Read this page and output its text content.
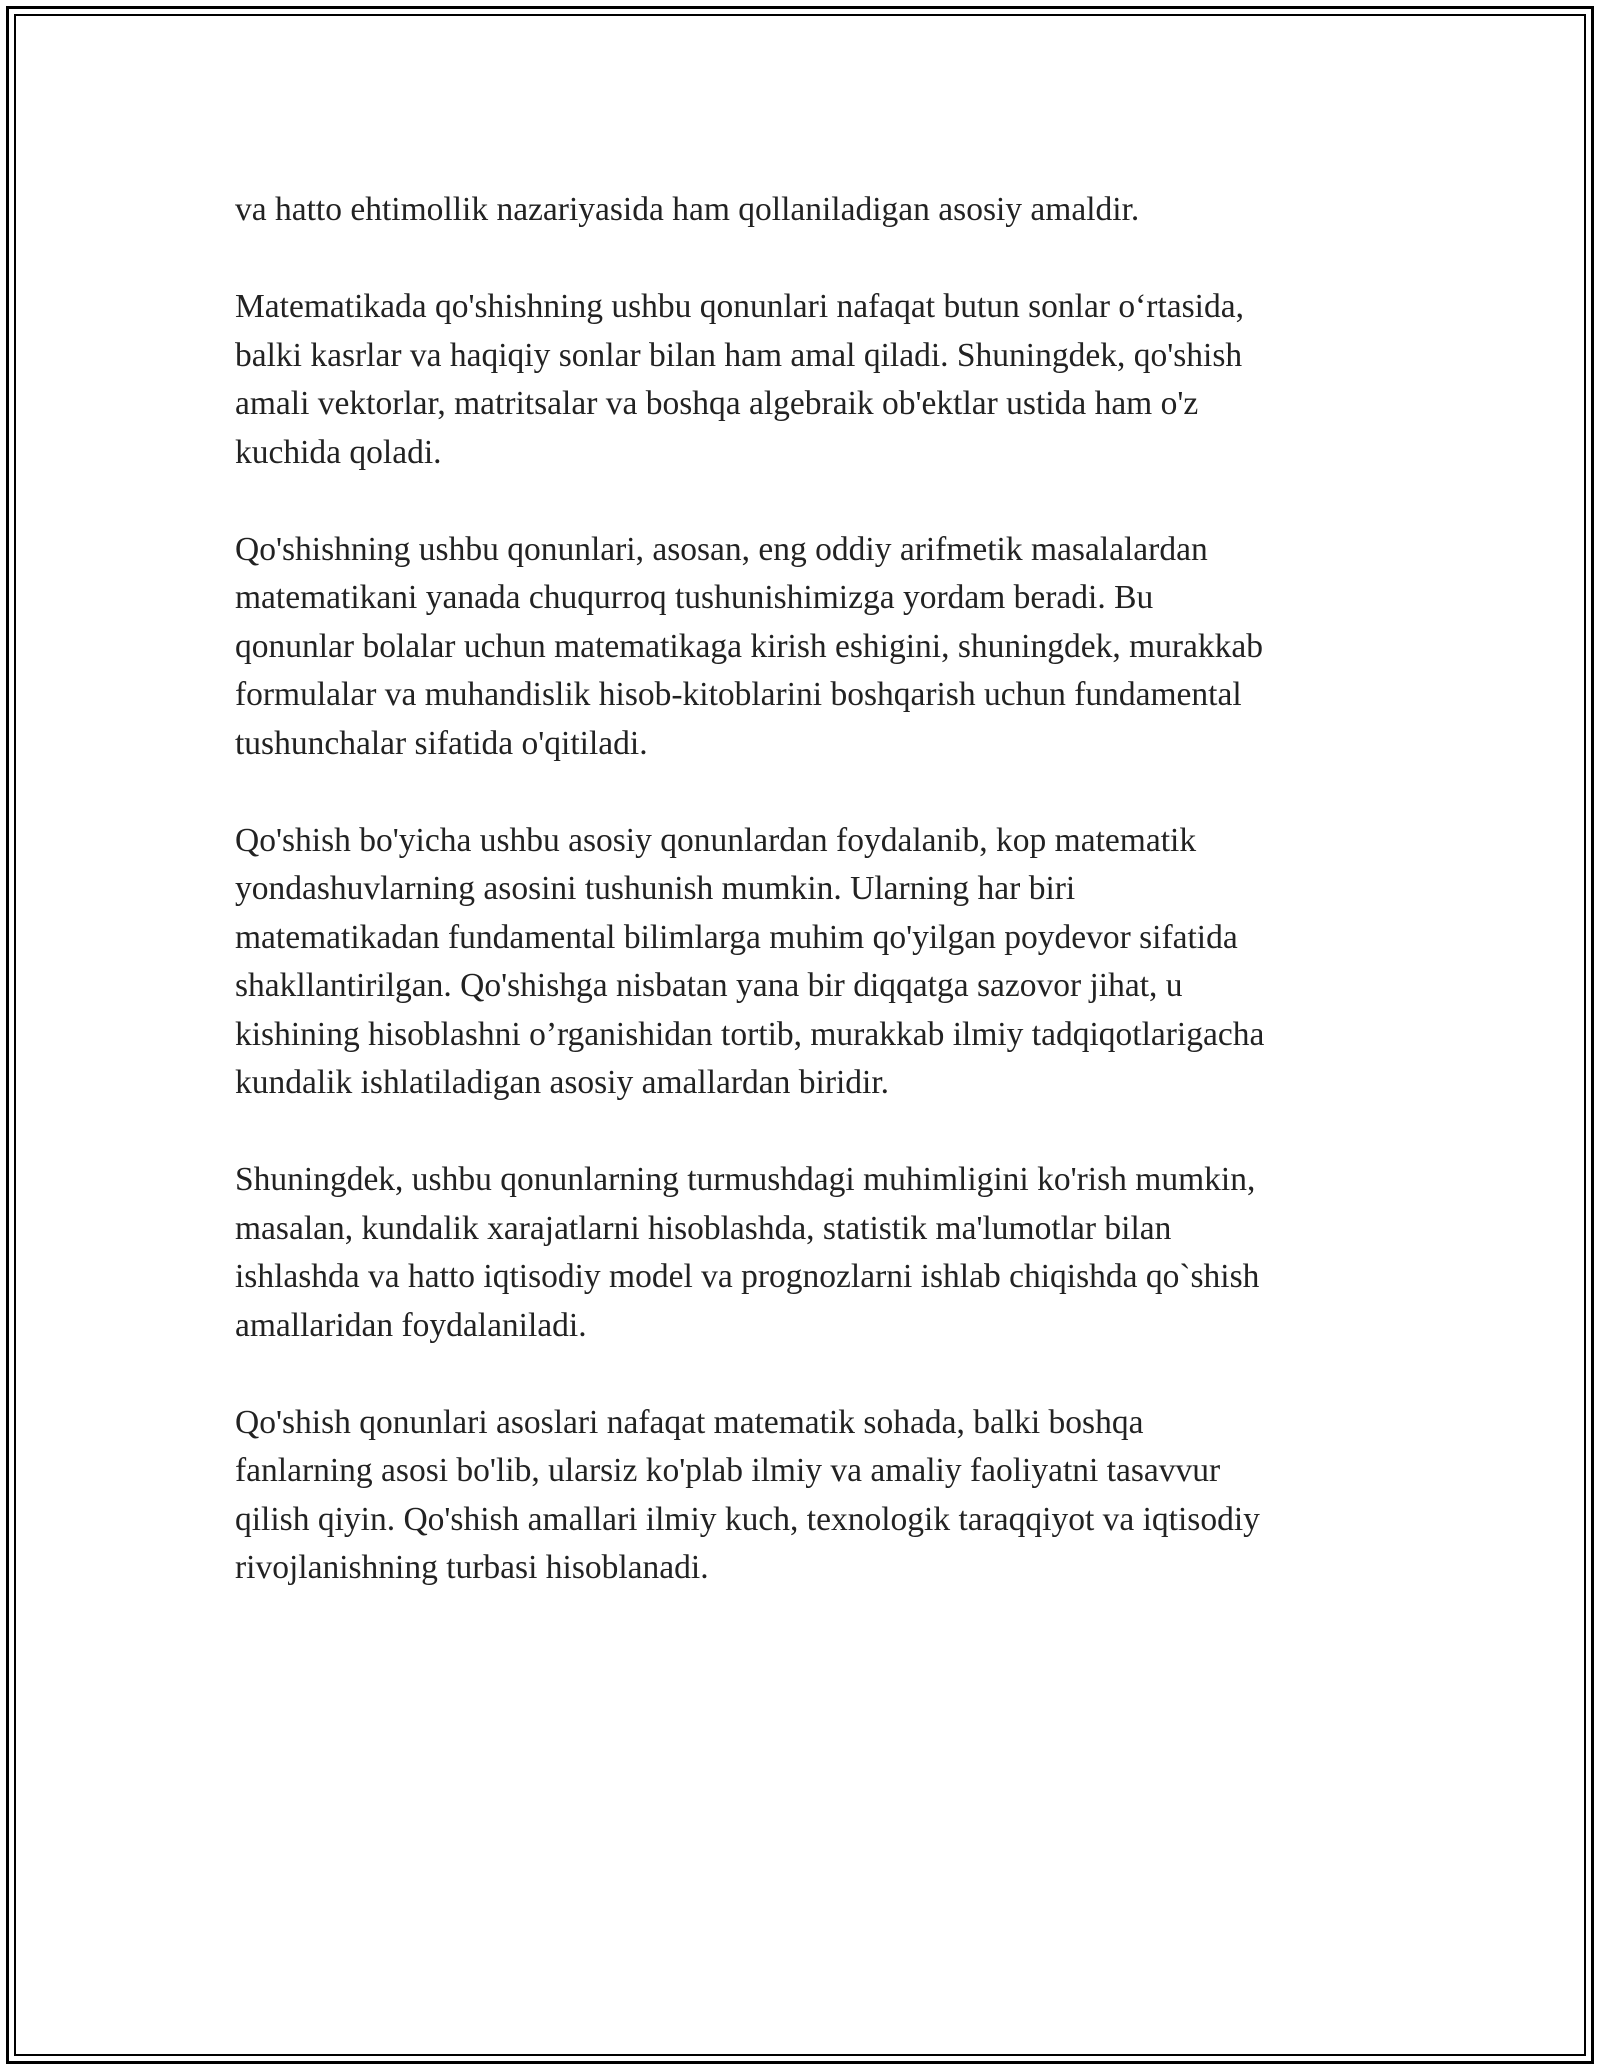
va hatto ehtimollik nazariyasida ham qollaniladigan asosiy amaldir.

Matematikada qo'shishning ushbu qonunlari nafaqat butun sonlar o‘rtasida,
balki kasrlar va haqiqiy sonlar bilan ham amal qiladi. Shuningdek, qo'shish
amali vektorlar, matritsalar va boshqa algebraik ob'ektlar ustida ham o'z
kuchida qoladi.

Qo'shishning ushbu qonunlari, asosan, eng oddiy arifmetik masalalardan
matematikani yanada chuqurroq tushunishimizga yordam beradi. Bu
qonunlar bolalar uchun matematikaga kirish eshigini, shuningdek, murakkab
formulalar va muhandislik hisob-kitoblarini boshqarish uchun fundamental
tushunchalar sifatida o'qitiladi.

Qo'shish bo'yicha ushbu asosiy qonunlardan foydalanib, kop matematik
yondashuvlarning asosini tushunish mumkin. Ularning har biri
matematikadan fundamental bilimlarga muhim qo'yilgan poydevor sifatida
shakllantirilgan. Qo'shishga nisbatan yana bir diqqatga sazovor jihat, u
kishining hisoblashni o’rganishidan tortib, murakkab ilmiy tadqiqotlarigacha
kundalik ishlatiladigan asosiy amallardan biridir.

Shuningdek, ushbu qonunlarning turmushdagi muhimligini ko'rish mumkin,
masalan, kundalik xarajatlarni hisoblashda, statistik ma'lumotlar bilan
ishlashda va hatto iqtisodiy model va prognozlarni ishlab chiqishda qo`shish
amallaridan foydalaniladi.

Qo'shish qonunlari asoslari nafaqat matematik sohada, balki boshqa
fanlarning asosi bo'lib, ularsiz ko'plab ilmiy va amaliy faoliyatni tasavvur
qilish qiyin. Qo'shish amallari ilmiy kuch, texnologik taraqqiyot va iqtisodiy
rivojlanishning turbasi hisoblanadi.
